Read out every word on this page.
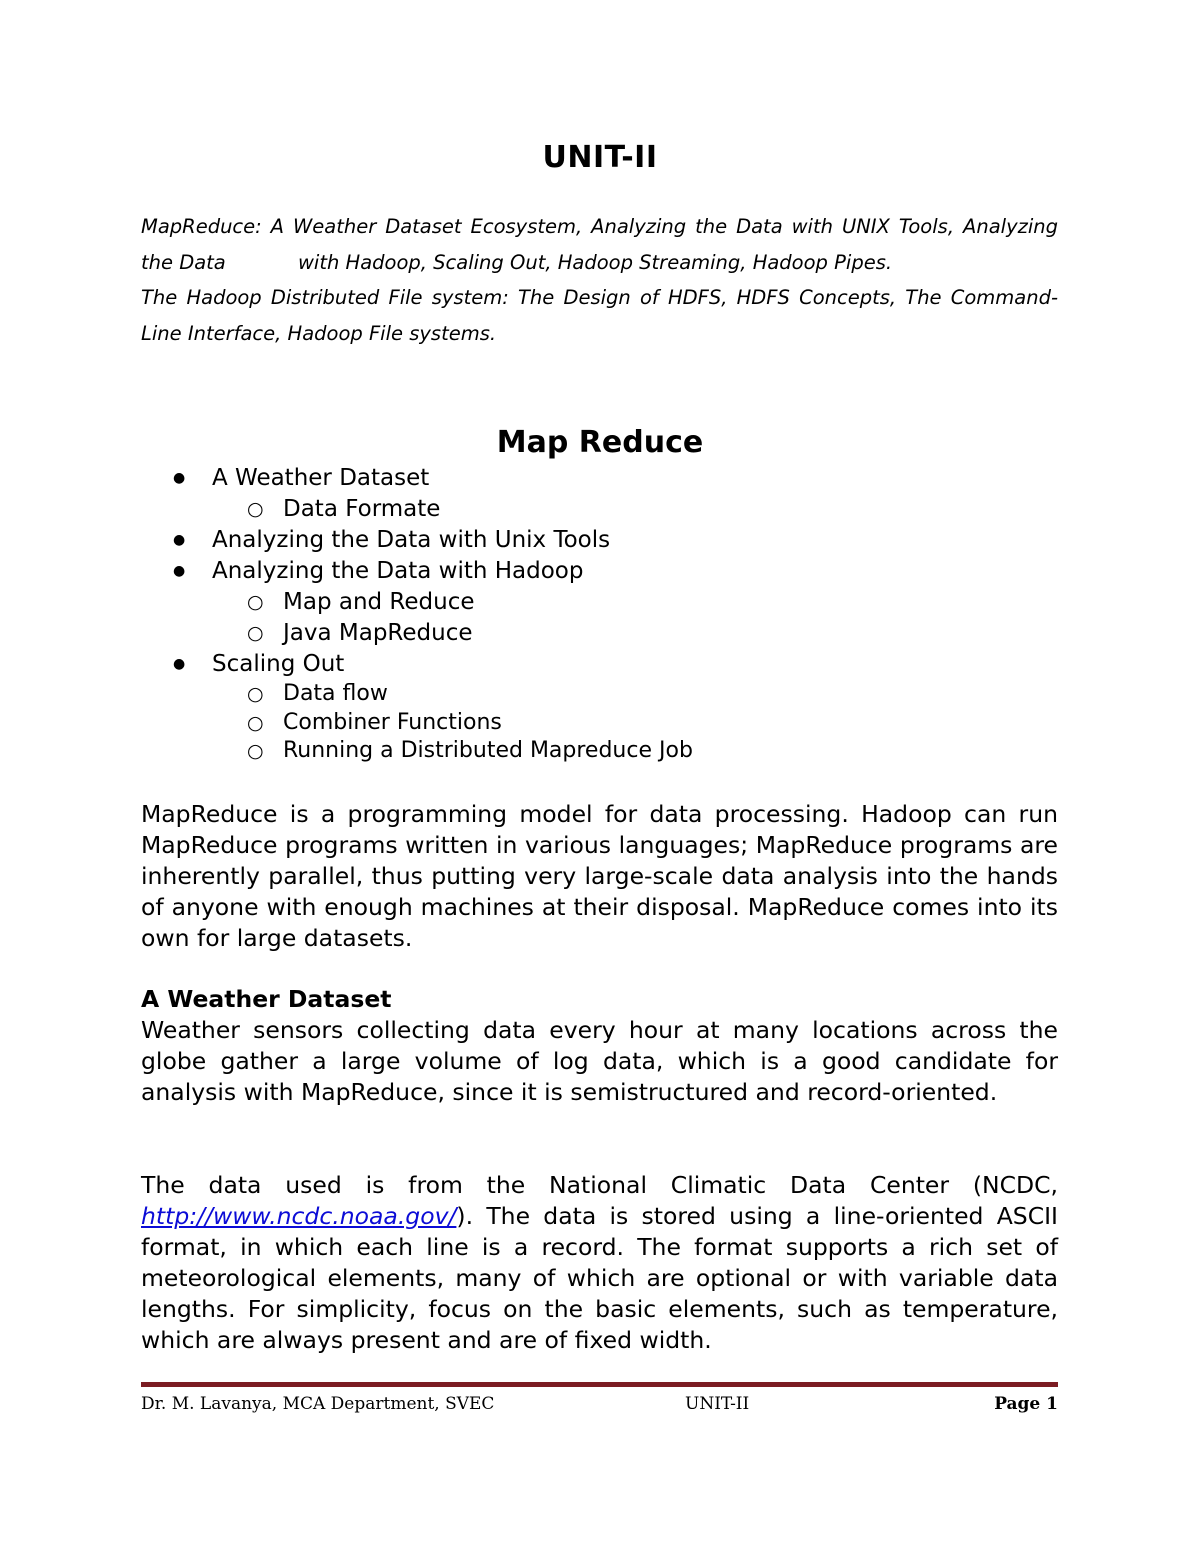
UNIT-II

MapReduce: A Weather Dataset Ecosystem, Analyzing the Data with UNIX Tools, Analyzing the Data	with Hadoop, Scaling Out, Hadoop Streaming, Hadoop Pipes.

The Hadoop Distributed File system: The Design of HDFS, HDFS Concepts, The Command-Line Interface, Hadoop File systems.

Map Reduce
● A Weather Dataset
○ Data Formate
● Analyzing the Data with Unix Tools
● Analyzing the Data with Hadoop
○ Map and Reduce
○ Java MapReduce
● Scaling Out
○ Data flow
○ Combiner Functions
○ Running a Distributed Mapreduce Job

MapReduce is a programming model for data processing. Hadoop can run MapReduce programs written in various languages; MapReduce programs are inherently parallel, thus putting very large-scale data analysis into the hands of anyone with enough machines at their disposal. MapReduce comes into its own for large datasets.

A Weather Dataset

Weather sensors collecting data every hour at many locations across the globe gather a large volume of log data, which is a good candidate for analysis with MapReduce, since it is semistructured and record-oriented.

The data used is from the National Climatic Data Center (NCDC, http://www.ncdc.noaa.gov/). The data is stored using a line-oriented ASCII format, in which each line is a record. The format supports a rich set of meteorological elements, many of which are optional or with variable data lengths. For simplicity, focus on the basic elements, such as temperature, which are always present and are of fixed width.

Dr. M. Lavanya, MCA Department, SVEC	UNIT-II	Page 1
